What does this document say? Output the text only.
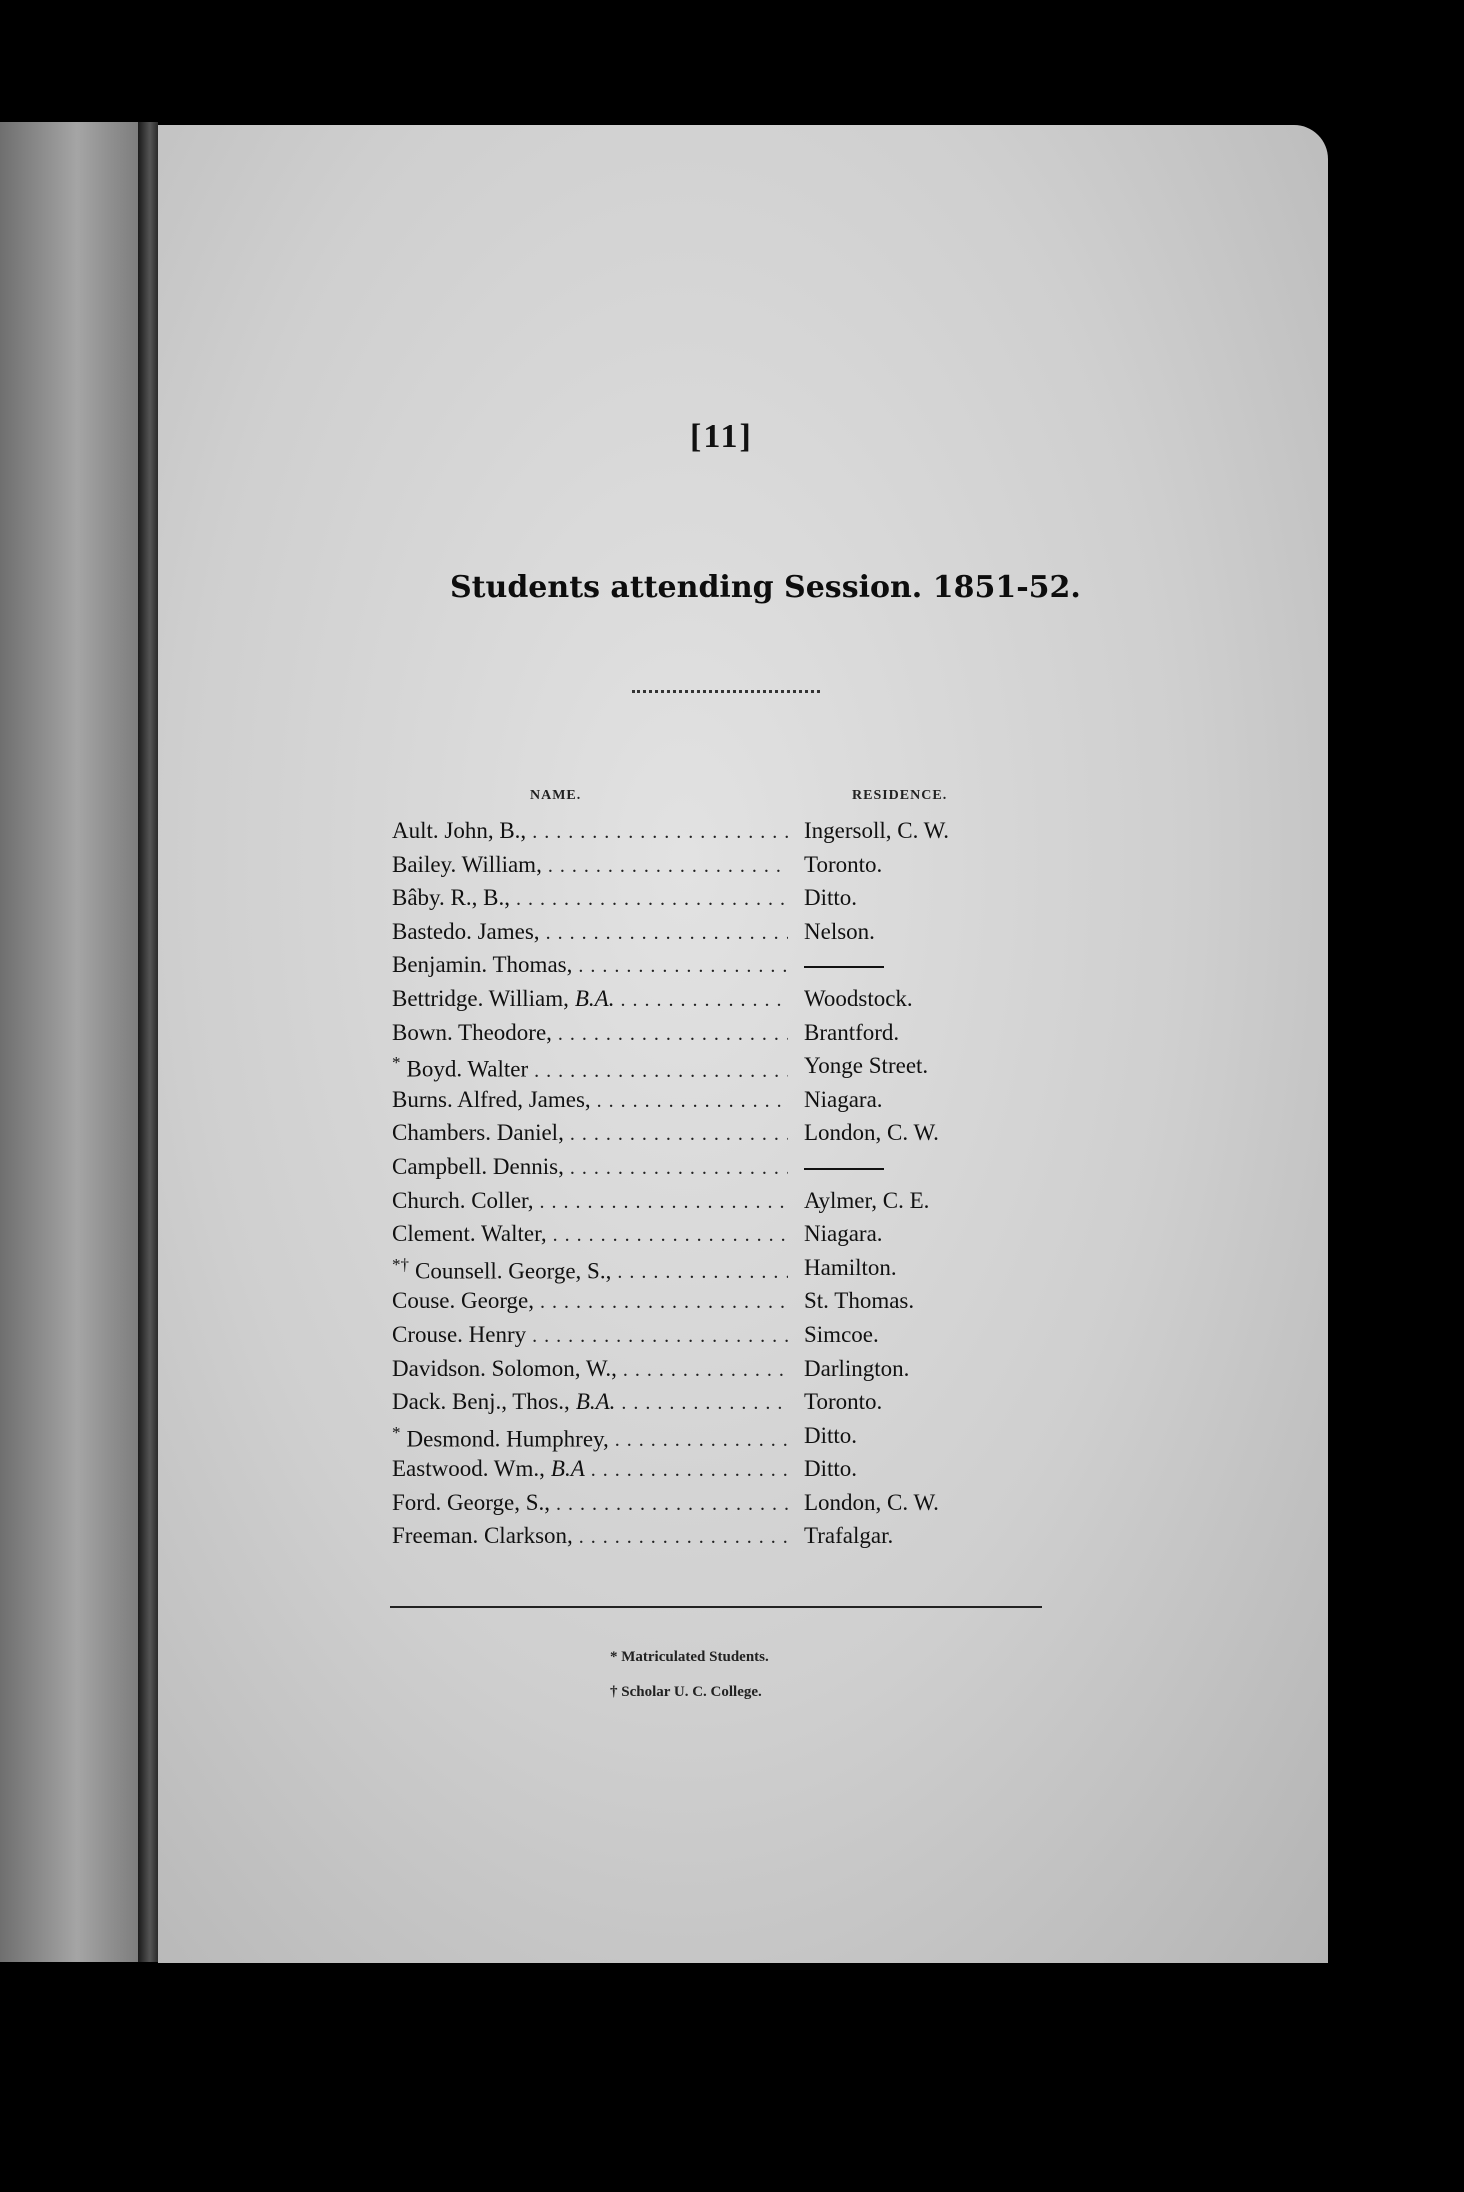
[11]
Students attending Session. 1851-52.
NAME.	RESIDENCE.
Ault. John, B., . . .	Ingersoll, C. W.
Bailey. William, . . .	Toronto.
Bâby. R., B., . . .	Ditto.
Bastedo. James, . . .	Nelson.
Benjamin. Thomas, . . .
Bettridge. William, B.A. . . .	Woodstock.
Bown. Theodore, . . .	Brantford.
* Boyd. Walter . . .	Yonge Street.
Burns. Alfred, James, . . .	Niagara.
Chambers. Daniel, . . .	London, C. W.
Campbell. Dennis, . . .
Church. Coller, . . .	Aylmer, C. E.
Clement. Walter, . . .	Niagara.
*† Counsell. George, S., . . .	Hamilton.
Couse. George, . . .	St. Thomas.
Crouse. Henry . . .	Simcoe.
Davidson. Solomon, W., . . .	Darlington.
Dack. Benj., Thos., B.A. . . .	Toronto.
* Desmond. Humphrey, . . .	Ditto.
Eastwood. Wm., B.A . . .	Ditto.
Ford. George, S., . . .	London, C. W.
Freeman. Clarkson, . . .	Trafalgar.
* Matriculated Students.
† Scholar U. C. College.
